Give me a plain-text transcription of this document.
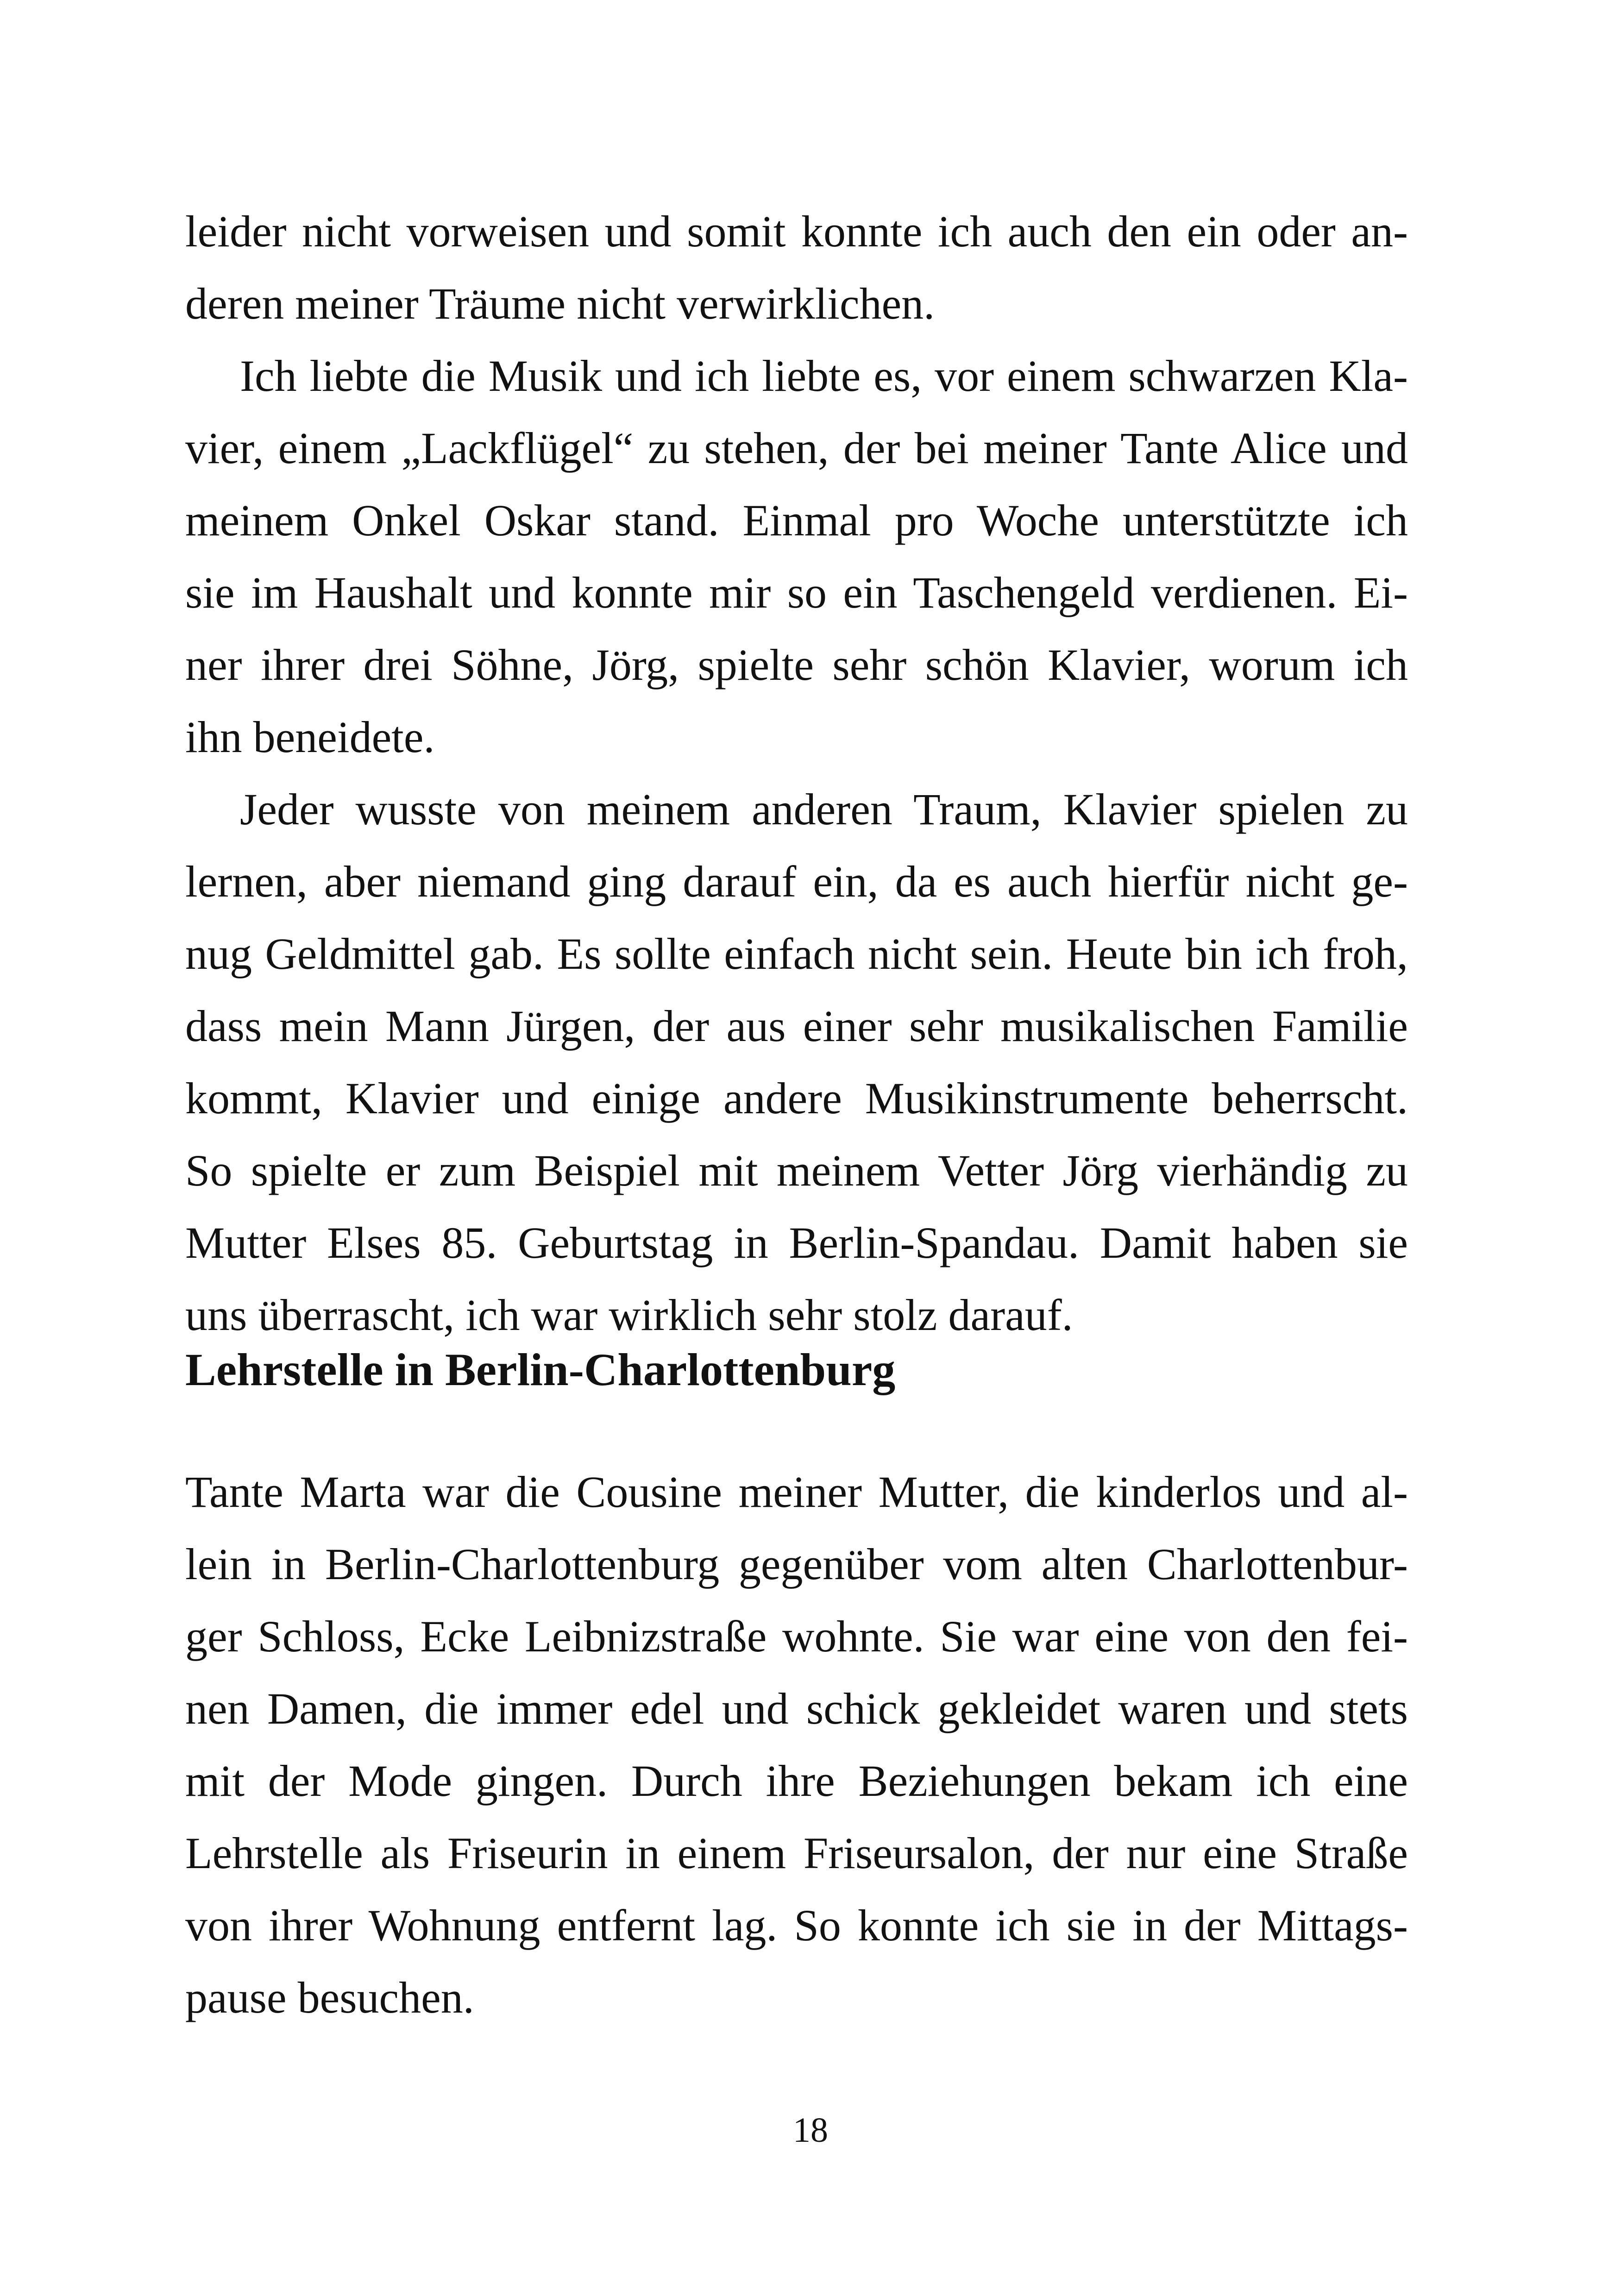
leider nicht vorweisen und somit konnte ich auch den ein oder an-
deren meiner Träume nicht verwirklichen.
Ich liebte die Musik und ich liebte es, vor einem schwarzen Kla-
vier, einem „Lackflügel“ zu stehen, der bei meiner Tante Alice und
meinem Onkel Oskar stand. Einmal pro Woche unterstützte ich
sie im Haushalt und konnte mir so ein Taschengeld verdienen. Ei-
ner ihrer drei Söhne, Jörg, spielte sehr schön Klavier, worum ich
ihn beneidete.
Jeder wusste von meinem anderen Traum, Klavier spielen zu
lernen, aber niemand ging darauf ein, da es auch hierfür nicht ge-
nug Geldmittel gab. Es sollte einfach nicht sein. Heute bin ich froh,
dass mein Mann Jürgen, der aus einer sehr musikalischen Familie
kommt, Klavier und einige andere Musikinstrumente beherrscht.
So spielte er zum Beispiel mit meinem Vetter Jörg vierhändig zu
Mutter Elses 85. Geburtstag in Berlin-Spandau. Damit haben sie
uns überrascht, ich war wirklich sehr stolz darauf.
Lehrstelle in Berlin-Charlottenburg
Tante Marta war die Cousine meiner Mutter, die kinderlos und al-
lein in Berlin-Charlottenburg gegenüber vom alten Charlottenbur-
ger Schloss, Ecke Leibnizstraße wohnte. Sie war eine von den fei-
nen Damen, die immer edel und schick gekleidet waren und stets
mit der Mode gingen. Durch ihre Beziehungen bekam ich eine
Lehrstelle als Friseurin in einem Friseursalon, der nur eine Straße
von ihrer Wohnung entfernt lag. So konnte ich sie in der Mittags-
pause besuchen.
18
